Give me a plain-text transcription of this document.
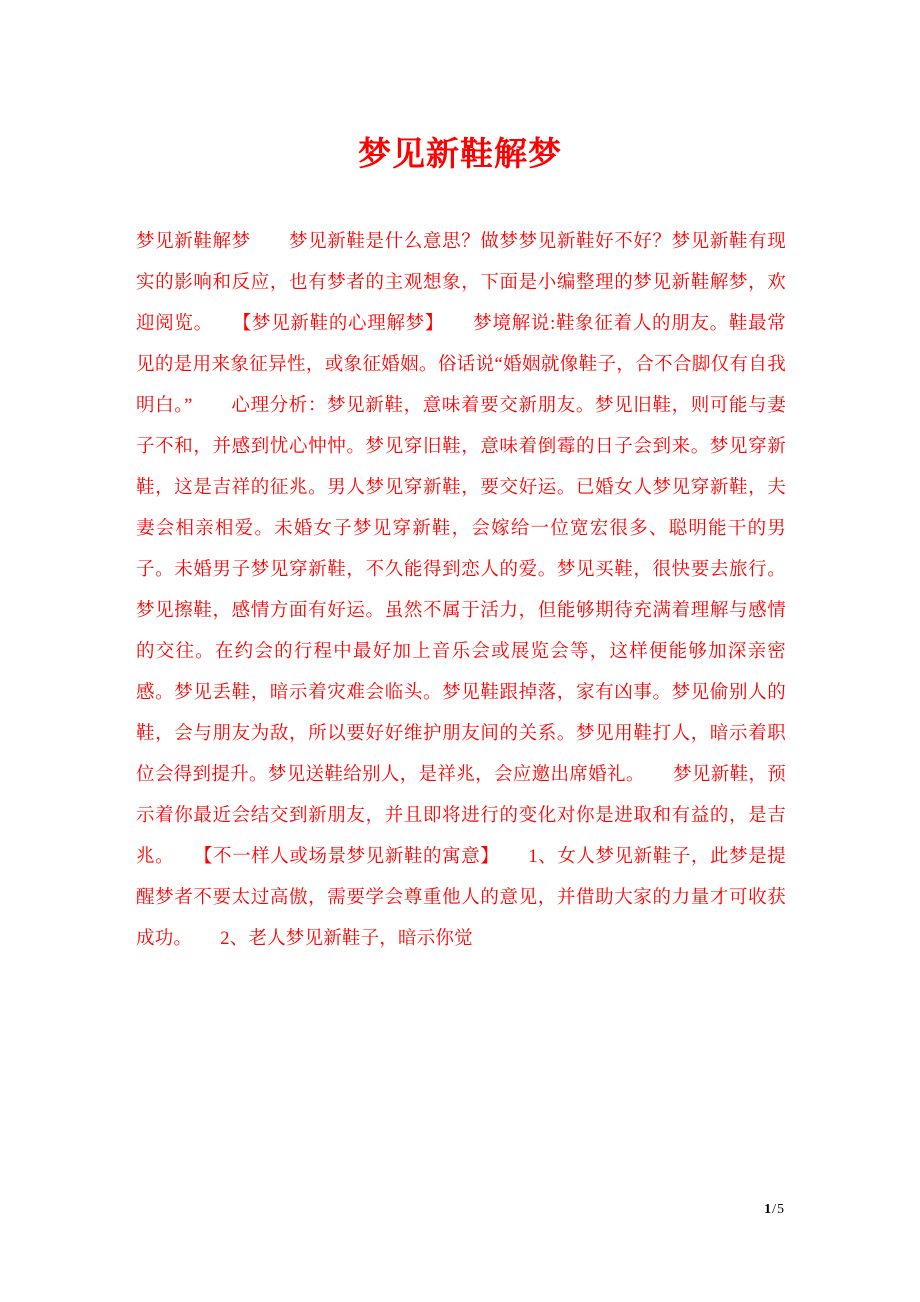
梦见新鞋解梦

梦见新鞋解梦　　梦见新鞋是什么意思？做梦梦见新鞋好不好？梦见新鞋有现实的影响和反应，也有梦者的主观想象，下面是小编整理的梦见新鞋解梦，欢迎阅览。　　【梦见新鞋的心理解梦】　　梦境解说:鞋象征着人的朋友。鞋最常见的是用来象征异性，或象征婚姻。俗话说“婚姻就像鞋子，合不合脚仅有自我明白。”　　心理分析：梦见新鞋，意味着要交新朋友。梦见旧鞋，则可能与妻子不和，并感到忧心忡忡。梦见穿旧鞋，意味着倒霉的日子会到来。梦见穿新鞋，这是吉祥的征兆。男人梦见穿新鞋，要交好运。已婚女人梦见穿新鞋，夫妻会相亲相爱。未婚女子梦见穿新鞋，会嫁给一位宽宏很多、聪明能干的男子。未婚男子梦见穿新鞋，不久能得到恋人的爱。梦见买鞋，很快要去旅行。梦见擦鞋，感情方面有好运。虽然不属于活力，但能够期待充满着理解与感情的交往。在约会的行程中最好加上音乐会或展览会等，这样便能够加深亲密感。梦见丢鞋，暗示着灾难会临头。梦见鞋跟掉落，家有凶事。梦见偷别人的鞋，会与朋友为敌，所以要好好维护朋友间的关系。梦见用鞋打人，暗示着职位会得到提升。梦见送鞋给别人，是祥兆，会应邀出席婚礼。　　梦见新鞋，预示着你最近会结交到新朋友，并且即将进行的变化对你是进取和有益的，是吉兆。　　【不一样人或场景梦见新鞋的寓意】　　1、女人梦见新鞋子，此梦是提醒梦者不要太过高傲，需要学会尊重他人的意见，并借助大家的力量才可收获成功。　　2、老人梦见新鞋子，暗示你觉

1/5
